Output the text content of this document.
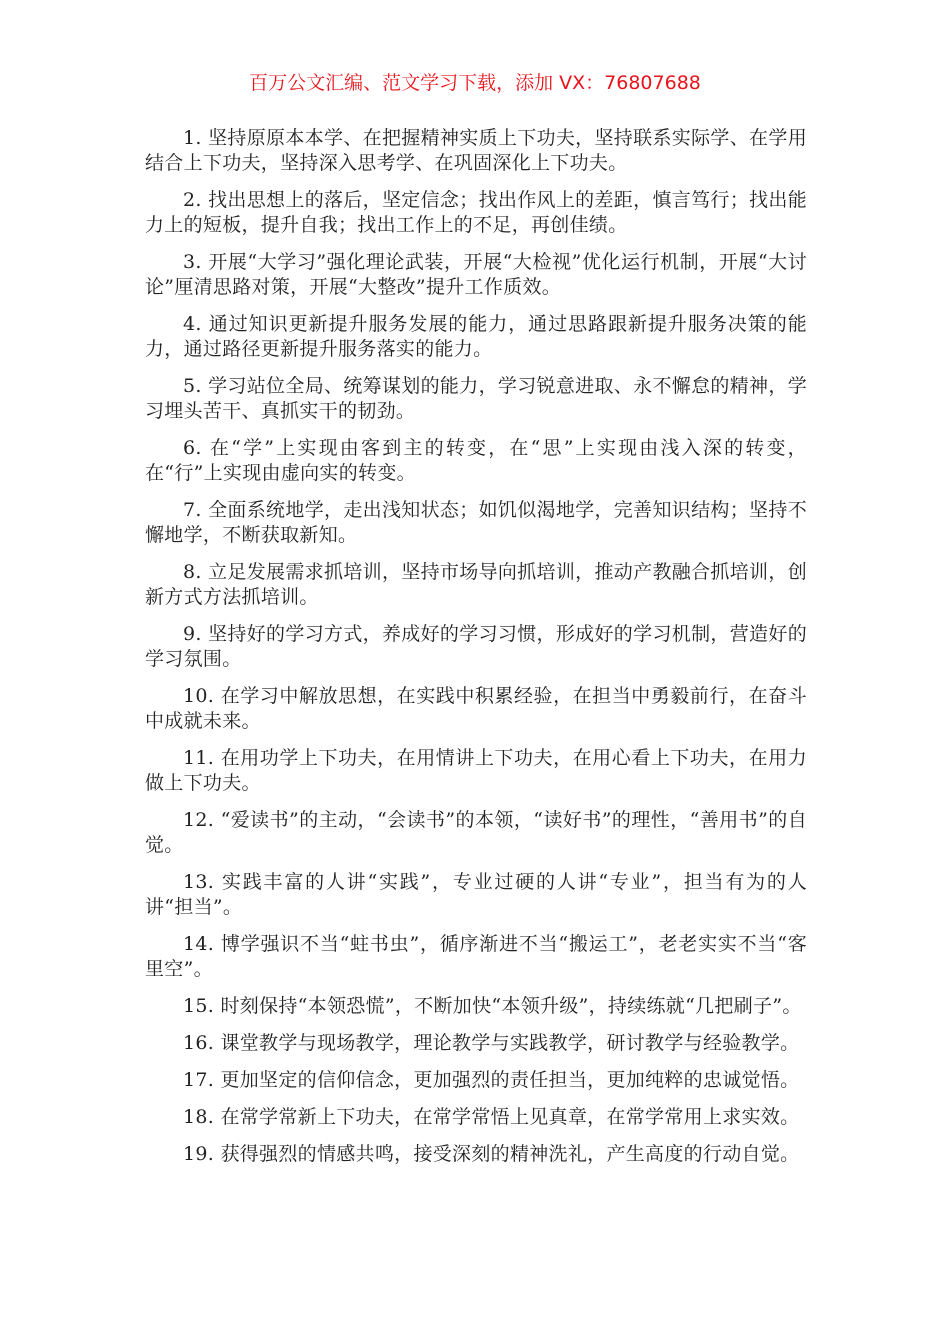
百万公文汇编、范文学习下载，添加 VX：76807688

1. 坚持原原本本学、在把握精神实质上下功夫，坚持联系实际学、在学用结合上下功夫，坚持深入思考学、在巩固深化上下功夫。

2. 找出思想上的落后，坚定信念；找出作风上的差距，慎言笃行；找出能力上的短板，提升自我；找出工作上的不足，再创佳绩。

3. 开展“大学习”强化理论武装，开展“大检视”优化运行机制，开展“大讨论”厘清思路对策，开展“大整改”提升工作质效。

4. 通过知识更新提升服务发展的能力，通过思路跟新提升服务决策的能力，通过路径更新提升服务落实的能力。

5. 学习站位全局、统筹谋划的能力，学习锐意进取、永不懈怠的精神，学习埋头苦干、真抓实干的韧劲。

6. 在“学”上实现由客到主的转变，在“思”上实现由浅入深的转变，在“行”上实现由虚向实的转变。

7. 全面系统地学，走出浅知状态；如饥似渴地学，完善知识结构；坚持不懈地学，不断获取新知。

8. 立足发展需求抓培训，坚持市场导向抓培训，推动产教融合抓培训，创新方式方法抓培训。

9. 坚持好的学习方式，养成好的学习习惯，形成好的学习机制，营造好的学习氛围。

10. 在学习中解放思想，在实践中积累经验，在担当中勇毅前行，在奋斗中成就未来。

11. 在用功学上下功夫，在用情讲上下功夫，在用心看上下功夫，在用力做上下功夫。

12. “爱读书”的主动，“会读书”的本领，“读好书”的理性，“善用书”的自觉。

13. 实践丰富的人讲“实践”，专业过硬的人讲“专业”，担当有为的人讲“担当”。

14. 博学强识不当“蛀书虫”，循序渐进不当“搬运工”，老老实实不当“客里空”。

15. 时刻保持“本领恐慌”，不断加快“本领升级”，持续练就“几把刷子”。

16. 课堂教学与现场教学，理论教学与实践教学，研讨教学与经验教学。

17. 更加坚定的信仰信念，更加强烈的责任担当，更加纯粹的忠诚觉悟。

18. 在常学常新上下功夫，在常学常悟上见真章，在常学常用上求实效。

19. 获得强烈的情感共鸣，接受深刻的精神洗礼，产生高度的行动自觉。
